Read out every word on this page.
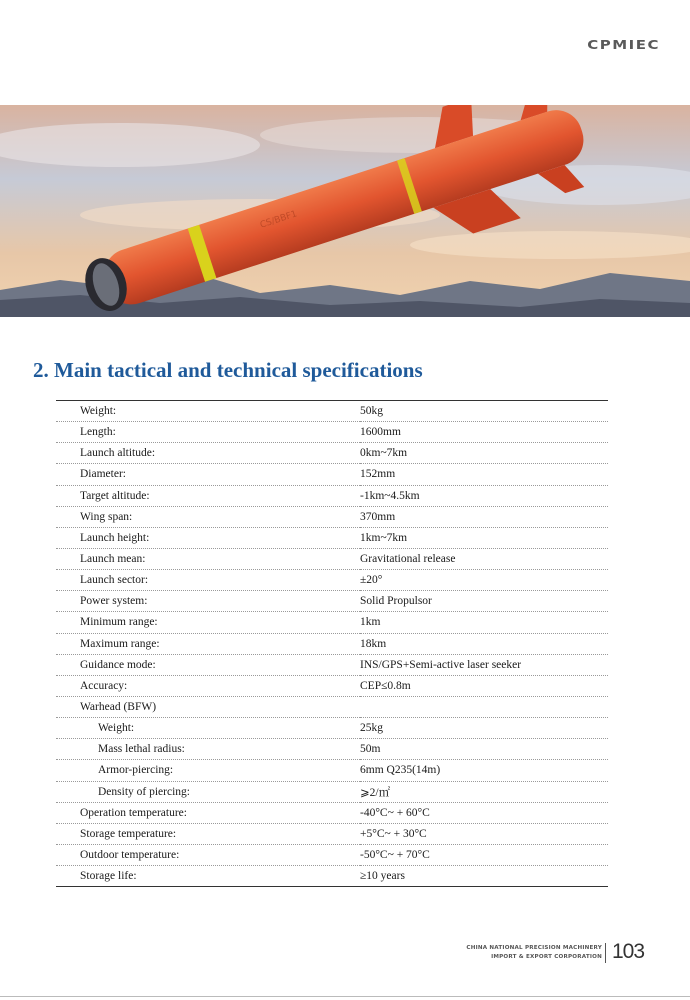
CPMIEC
CS/BBF1
2. Main tactical and technical specifications
Weight:	50kg
Length:	1600mm
Launch altitude:	0km~7km
Diameter:	152mm
Target altitude:	-1km~4.5km
Wing span:	370mm
Launch height:	1km~7km
Launch mean:	Gravitational release
Launch sector:	±20°
Power system:	Solid Propulsor
Minimum range:	1km
Maximum range:	18km
Guidance mode:	INS/GPS+Semi-active laser seeker
Accuracy:	CEP≤0.8m
Warhead (BFW)	
Weight:	25kg
Mass lethal radius:	50m
Armor-piercing:	6mm Q235(14m)
Density of piercing:	⩾2/㎡
Operation temperature:	-40°C~ + 60°C
Storage temperature:	+5°C~ + 30°C
Outdoor temperature:	-50°C~ + 70°C
Storage life:	≥10 years
CHINA NATIONAL PRECISION MACHINERY
IMPORT & EXPORT CORPORATION 103
